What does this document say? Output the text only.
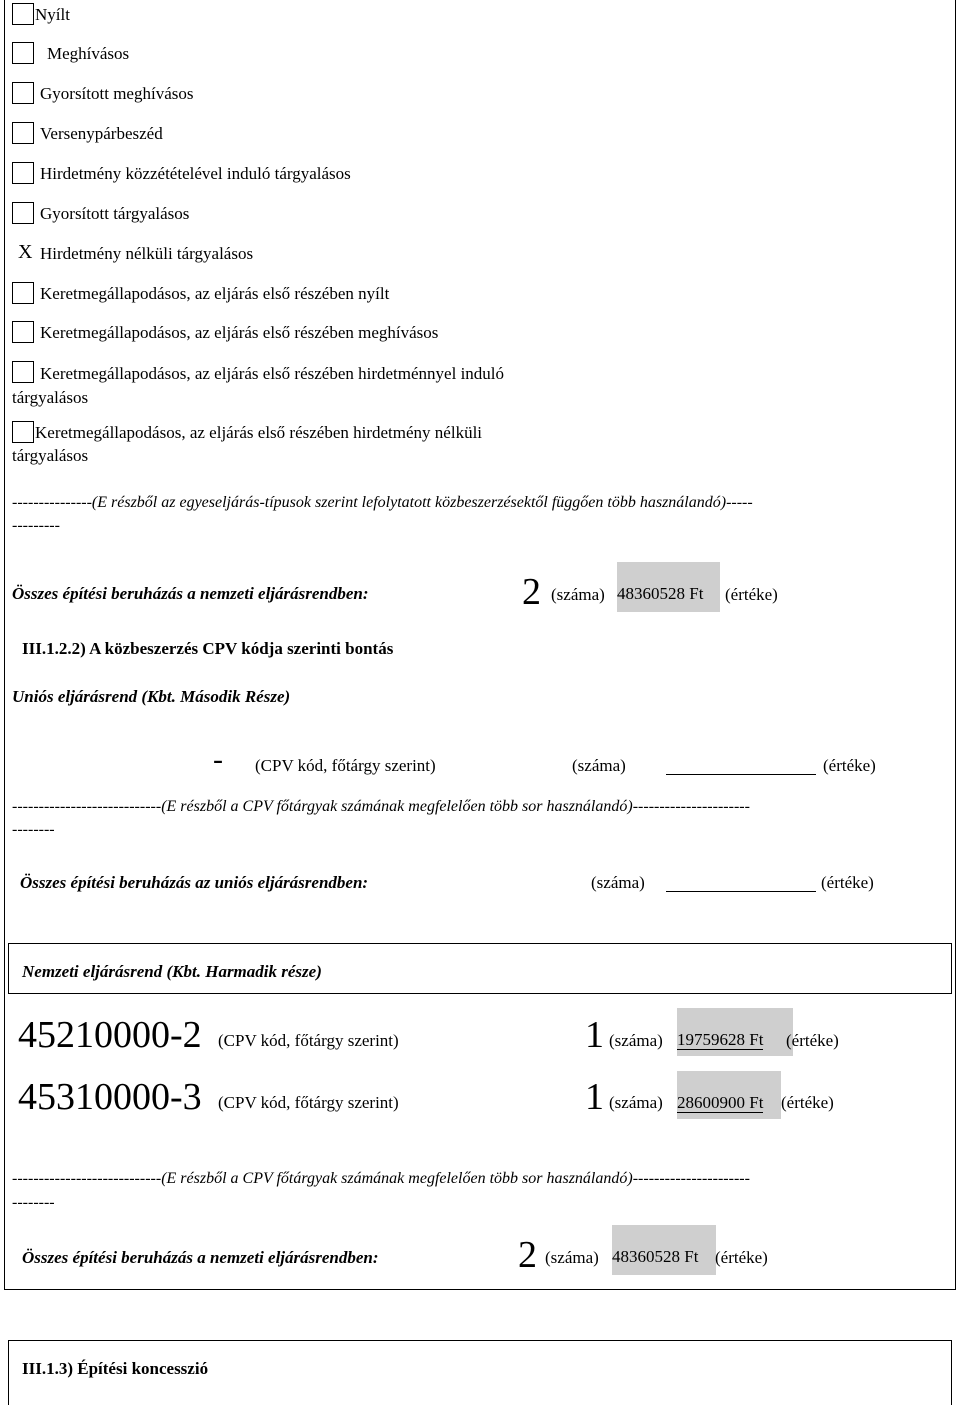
Nyílt
Meghívásos
Gyorsított meghívásos
Versenypárbeszéd
Hirdetmény közzétételével induló tárgyalásos
Gyorsított tárgyalásos
X Hirdetmény nélküli tárgyalásos
Keretmegállapodásos, az eljárás első részében nyílt
Keretmegállapodásos, az eljárás első részében meghívásos
Keretmegállapodásos, az eljárás első részében hirdetménnyel induló
tárgyalásos
Keretmegállapodásos, az eljárás első részében hirdetmény nélküli
tárgyalásos
---------------(E részből az egyeseljárás-típusok szerint lefolytatott közbeszerzésektől függően több használandó)-----
---------
Összes építési beruházás a nemzeti eljárásrendben:	2 (száma) 48360528 Ft	(értéke)
III.1.2.2) A közbeszerzés CPV kódja szerinti bontás
Uniós eljárásrend (Kbt. Második Része)
- (CPV kód, főtárgy szerint)	(száma)	(értéke)
----------------------------(E részből a CPV főtárgyak számának megfelelően több sor használandó)----------------------
--------
Összes építési beruházás az uniós eljárásrendben:	(száma)	(értéke)
Nemzeti eljárásrend (Kbt. Harmadik része)
45210000-2 (CPV kód, főtárgy szerint)	1 (száma) 19759628 Ft	(értéke)
45310000-3 (CPV kód, főtárgy szerint)	1 (száma) 28600900 Ft	(értéke)
----------------------------(E részből a CPV főtárgyak számának megfelelően több sor használandó)----------------------
--------
Összes építési beruházás a nemzeti eljárásrendben:	2 (száma) 48360528 Ft (értéke)
III.1.3) Építési koncesszió
